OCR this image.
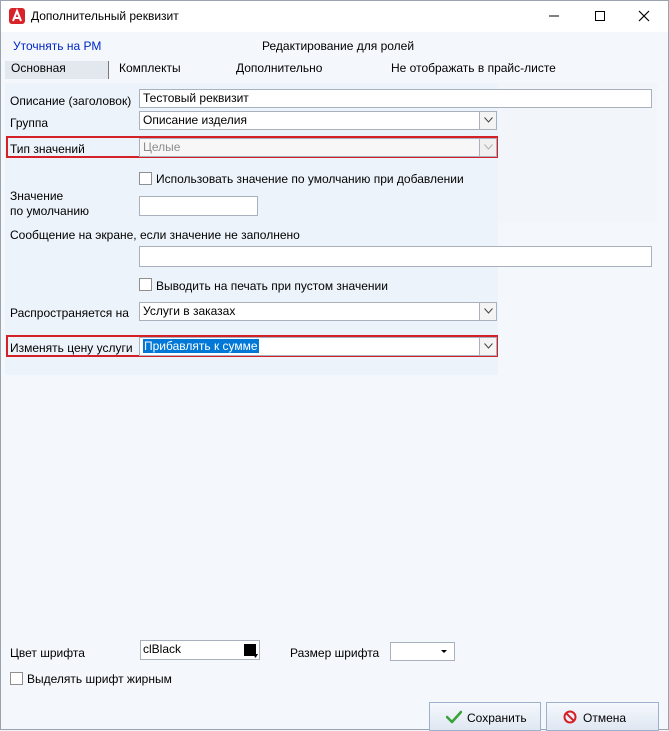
Дополнительный реквизит
Уточнять на РМ	Редактирование для ролей
Основная	Комплекты	Дополнительно	Не отображать в прайс-листе
Описание (заголовок) Тестовый реквизит
Группа	Описание изделия
Тип значений	Целые
Использовать значение по умолчанию при добавлении
Значение
по умолчанию
Сообщение на экране, если значение не заполнено
Выводить на печать при пустом значении
Распространяется на	Услуги в заказах
Изменять цену услуги Прибавлять к сумме
Цвет шрифта	clBlack	Размер шрифта
Выделять шрифт жирным
Сохранить	Отмена
